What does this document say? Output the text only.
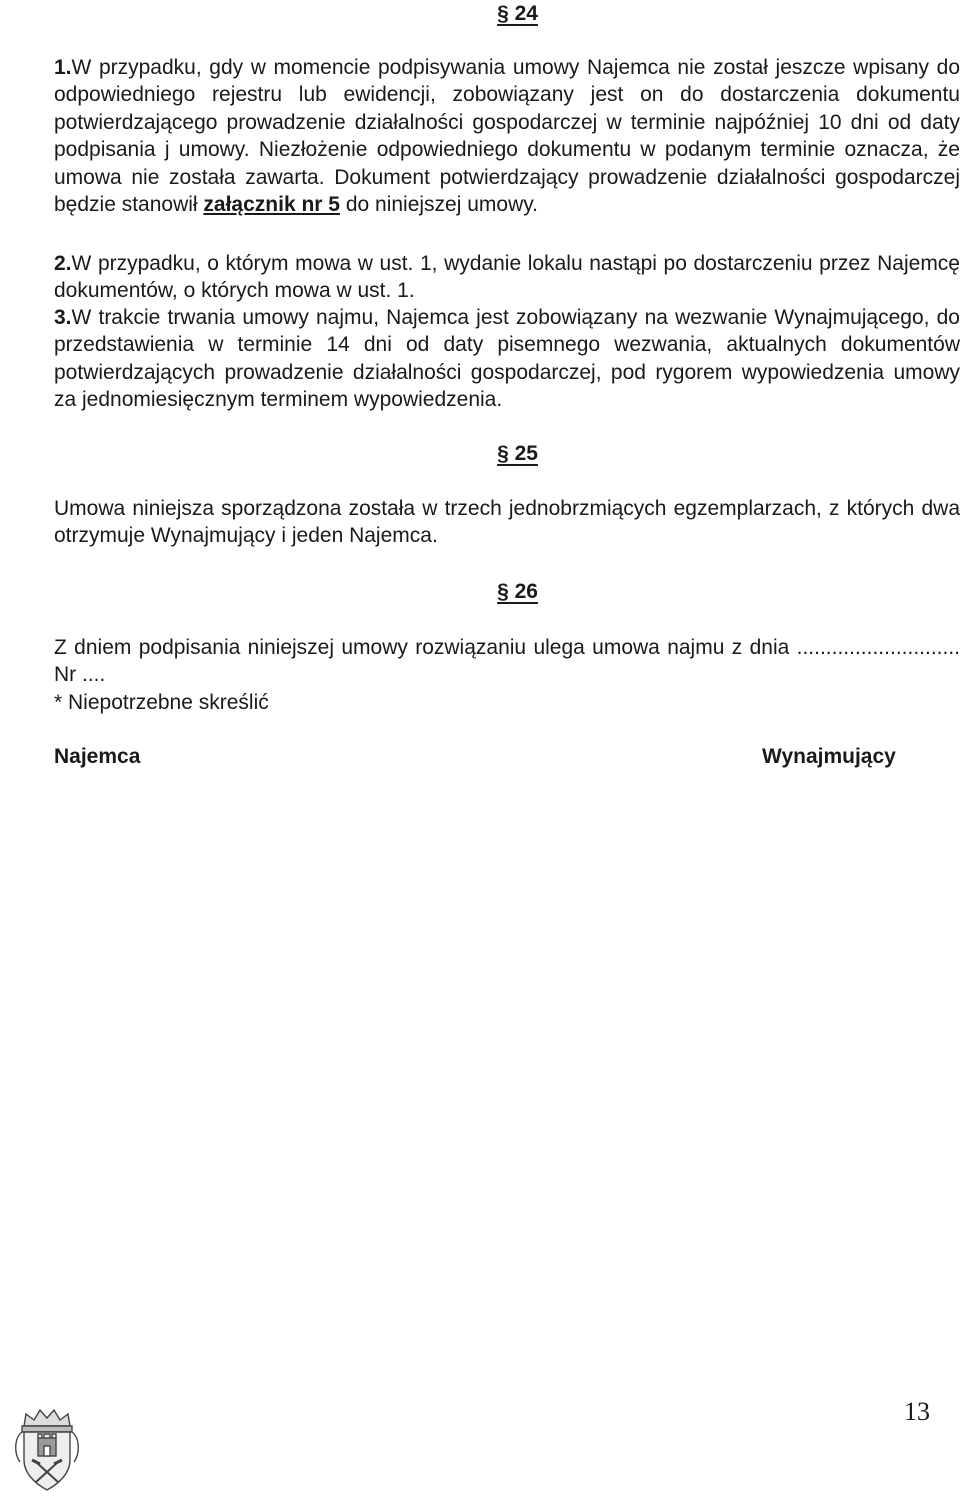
§ 24
1.W przypadku, gdy w momencie podpisywania umowy Najemca nie został jeszcze wpisany do odpowiedniego rejestru lub ewidencji, zobowiązany jest on do dostarczenia dokumentu potwierdzającego prowadzenie działalności gospodarczej w terminie najpóźniej 10 dni od daty podpisania j umowy. Niezłożenie odpowiedniego dokumentu w podanym terminie oznacza, że umowa nie została zawarta. Dokument potwierdzający prowadzenie działalności gospodarczej będzie stanowił załącznik nr 5 do niniejszej umowy.
2.W przypadku, o którym mowa w ust. 1, wydanie lokalu nastąpi po dostarczeniu przez Najemcę dokumentów, o których mowa w ust. 1.
3.W trakcie trwania umowy najmu, Najemca jest zobowiązany na wezwanie Wynajmującego, do przedstawienia w terminie 14 dni od daty pisemnego wezwania, aktualnych dokumentów potwierdzających prowadzenie działalności gospodarczej, pod rygorem wypowiedzenia umowy za jednomiesięcznym terminem wypowiedzenia.
§ 25
Umowa niniejsza sporządzona została w trzech jednobrzmiących egzemplarzach, z których dwa otrzymuje Wynajmujący i jeden Najemca.
§ 26
Z dniem podpisania niniejszej umowy rozwiązaniu ulega umowa najmu z dnia ............................ Nr ....
* Niepotrzebne skreślić
Najemca	Wynajmujący
13
